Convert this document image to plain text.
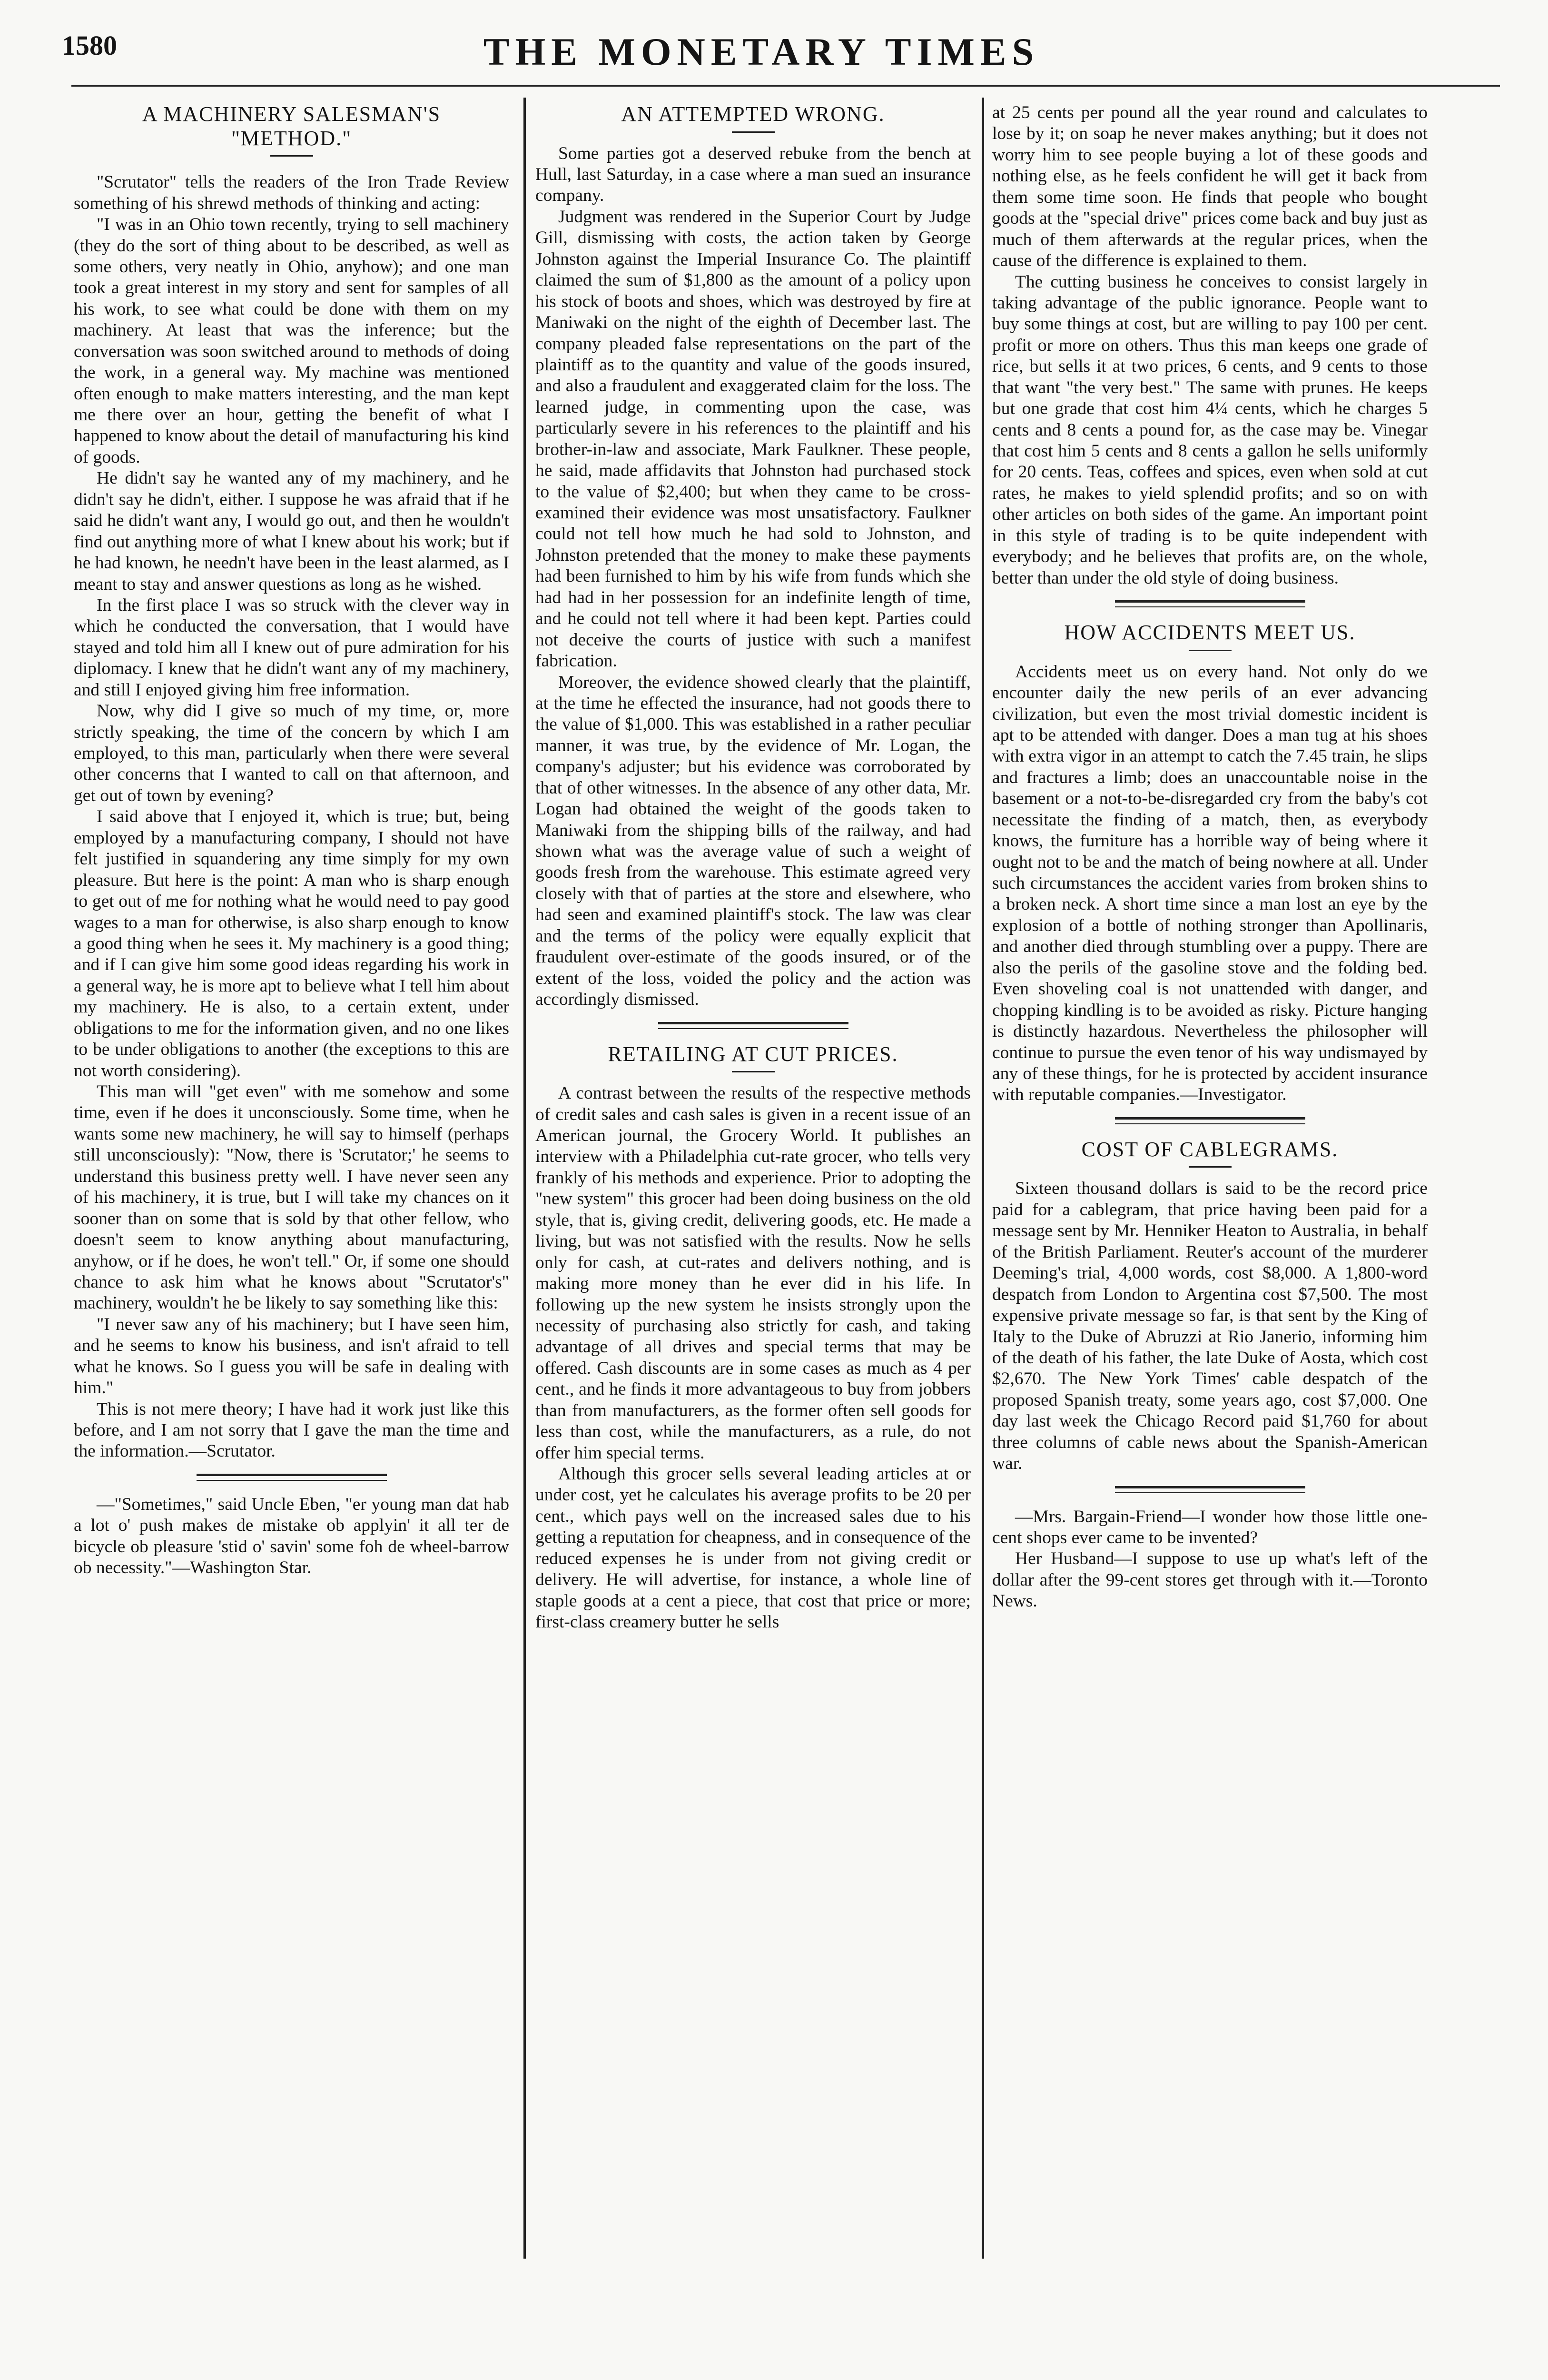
1580	THE MONETARY TIMES
A MACHINERY SALESMAN'S
"METHOD."

"Scrutator" tells the readers of the Iron Trade Review something of his shrewd methods of thinking and acting:

"I was in an Ohio town recently, trying to sell machinery (they do the sort of thing about to be described, as well as some others, very neatly in Ohio, anyhow); and one man took a great interest in my story and sent for samples of all his work, to see what could be done with them on my machinery. At least that was the inference; but the conversation was soon switched around to methods of doing the work, in a general way. My machine was mentioned often enough to make matters interesting, and the man kept me there over an hour, getting the benefit of what I happened to know about the detail of manufacturing his kind of goods.

He didn't say he wanted any of my machinery, and he didn't say he didn't, either. I suppose he was afraid that if he said he didn't want any, I would go out, and then he wouldn't find out anything more of what I knew about his work; but if he had known, he needn't have been in the least alarmed, as I meant to stay and answer questions as long as he wished.

In the first place I was so struck with the clever way in which he conducted the conversation, that I would have stayed and told him all I knew out of pure admiration for his diplomacy. I knew that he didn't want any of my machinery, and still I enjoyed giving him free information.

Now, why did I give so much of my time, or, more strictly speaking, the time of the concern by which I am employed, to this man, particularly when there were several other concerns that I wanted to call on that afternoon, and get out of town by evening?

I said above that I enjoyed it, which is true; but, being employed by a manufacturing company, I should not have felt justified in squandering any time simply for my own pleasure. But here is the point: A man who is sharp enough to get out of me for nothing what he would need to pay good wages to a man for otherwise, is also sharp enough to know a good thing when he sees it. My machinery is a good thing; and if I can give him some good ideas regarding his work in a general way, he is more apt to believe what I tell him about my machinery. He is also, to a certain extent, under obligations to me for the information given, and no one likes to be under obligations to another (the exceptions to this are not worth considering).

This man will "get even" with me somehow and some time, even if he does it unconsciously. Some time, when he wants some new machinery, he will say to himself (perhaps still unconsciously): "Now, there is 'Scrutator;' he seems to understand this business pretty well. I have never seen any of his machinery, it is true, but I will take my chances on it sooner than on some that is sold by that other fellow, who doesn't seem to know anything about manufacturing, anyhow, or if he does, he won't tell." Or, if some one should chance to ask him what he knows about "Scrutator's" machinery, wouldn't he be likely to say something like this:

"I never saw any of his machinery; but I have seen him, and he seems to know his business, and isn't afraid to tell what he knows. So I guess you will be safe in dealing with him."

This is not mere theory; I have had it work just like this before, and I am not sorry that I gave the man the time and the information.—Scrutator.

—"Sometimes," said Uncle Eben, "er young man dat hab a lot o' push makes de mistake ob applyin' it all ter de bicycle ob pleasure 'stid o' savin' some foh de wheel-barrow ob necessity."—Washington Star.

AN ATTEMPTED WRONG.

Some parties got a deserved rebuke from the bench at Hull, last Saturday, in a case where a man sued an insurance company.

Judgment was rendered in the Superior Court by Judge Gill, dismissing with costs, the action taken by George Johnston against the Imperial Insurance Co. The plaintiff claimed the sum of $1,800 as the amount of a policy upon his stock of boots and shoes, which was destroyed by fire at Maniwaki on the night of the eighth of December last. The company pleaded false representations on the part of the plaintiff as to the quantity and value of the goods insured, and also a fraudulent and exaggerated claim for the loss. The learned judge, in commenting upon the case, was particularly severe in his references to the plaintiff and his brother-in-law and associate, Mark Faulkner. These people, he said, made affidavits that Johnston had purchased stock to the value of $2,400; but when they came to be cross-examined their evidence was most unsatisfactory. Faulkner could not tell how much he had sold to Johnston, and Johnston pretended that the money to make these payments had been furnished to him by his wife from funds which she had had in her possession for an indefinite length of time, and he could not tell where it had been kept. Parties could not deceive the courts of justice with such a manifest fabrication.

Moreover, the evidence showed clearly that the plaintiff, at the time he effected the insurance, had not goods there to the value of $1,000. This was established in a rather peculiar manner, it was true, by the evidence of Mr. Logan, the company's adjuster; but his evidence was corroborated by that of other witnesses. In the absence of any other data, Mr. Logan had obtained the weight of the goods taken to Maniwaki from the shipping bills of the railway, and had shown what was the average value of such a weight of goods fresh from the warehouse. This estimate agreed very closely with that of parties at the store and elsewhere, who had seen and examined plaintiff's stock. The law was clear and the terms of the policy were equally explicit that fraudulent over-estimate of the goods insured, or of the extent of the loss, voided the policy and the action was accordingly dismissed.

RETAILING AT CUT PRICES.

A contrast between the results of the respective methods of credit sales and cash sales is given in a recent issue of an American journal, the Grocery World. It publishes an interview with a Philadelphia cut-rate grocer, who tells very frankly of his methods and experience. Prior to adopting the "new system" this grocer had been doing business on the old style, that is, giving credit, delivering goods, etc. He made a living, but was not satisfied with the results. Now he sells only for cash, at cut-rates and delivers nothing, and is making more money than he ever did in his life. In following up the new system he insists strongly upon the necessity of purchasing also strictly for cash, and taking advantage of all drives and special terms that may be offered. Cash discounts are in some cases as much as 4 per cent., and he finds it more advantageous to buy from jobbers than from manufacturers, as the former often sell goods for less than cost, while the manufacturers, as a rule, do not offer him special terms.

Although this grocer sells several leading articles at or under cost, yet he calculates his average profits to be 20 per cent., which pays well on the increased sales due to his getting a reputation for cheapness, and in consequence of the reduced expenses he is under from not giving credit or delivery. He will advertise, for instance, a whole line of staple goods at a cent a piece, that cost that price or more; first-class creamery butter he sells

at 25 cents per pound all the year round and calculates to lose by it; on soap he never makes anything; but it does not worry him to see people buying a lot of these goods and nothing else, as he feels confident he will get it back from them some time soon. He finds that people who bought goods at the "special drive" prices come back and buy just as much of them afterwards at the regular prices, when the cause of the difference is explained to them.

The cutting business he conceives to consist largely in taking advantage of the public ignorance. People want to buy some things at cost, but are willing to pay 100 per cent. profit or more on others. Thus this man keeps one grade of rice, but sells it at two prices, 6 cents, and 9 cents to those that want "the very best." The same with prunes. He keeps but one grade that cost him 4¼ cents, which he charges 5 cents and 8 cents a pound for, as the case may be. Vinegar that cost him 5 cents and 8 cents a gallon he sells uniformly for 20 cents. Teas, coffees and spices, even when sold at cut rates, he makes to yield splendid profits; and so on with other articles on both sides of the game. An important point in this style of trading is to be quite independent with everybody; and he believes that profits are, on the whole, better than under the old style of doing business.

HOW ACCIDENTS MEET US.

Accidents meet us on every hand. Not only do we encounter daily the new perils of an ever advancing civilization, but even the most trivial domestic incident is apt to be attended with danger. Does a man tug at his shoes with extra vigor in an attempt to catch the 7.45 train, he slips and fractures a limb; does an unaccountable noise in the basement or a not-to-be-disregarded cry from the baby's cot necessitate the finding of a match, then, as everybody knows, the furniture has a horrible way of being where it ought not to be and the match of being nowhere at all. Under such circumstances the accident varies from broken shins to a broken neck. A short time since a man lost an eye by the explosion of a bottle of nothing stronger than Apollinaris, and another died through stumbling over a puppy. There are also the perils of the gasoline stove and the folding bed. Even shoveling coal is not unattended with danger, and chopping kindling is to be avoided as risky. Picture hanging is distinctly hazardous. Nevertheless the philosopher will continue to pursue the even tenor of his way undismayed by any of these things, for he is protected by accident insurance with reputable companies.—Investigator.

COST OF CABLEGRAMS.

Sixteen thousand dollars is said to be the record price paid for a cablegram, that price having been paid for a message sent by Mr. Henniker Heaton to Australia, in behalf of the British Parliament. Reuter's account of the murderer Deeming's trial, 4,000 words, cost $8,000. A 1,800-word despatch from London to Argentina cost $7,500. The most expensive private message so far, is that sent by the King of Italy to the Duke of Abruzzi at Rio Janerio, informing him of the death of his father, the late Duke of Aosta, which cost $2,670. The New York Times' cable despatch of the proposed Spanish treaty, some years ago, cost $7,000. One day last week the Chicago Record paid $1,760 for about three columns of cable news about the Spanish-American war.

—Mrs. Bargain-Friend—I wonder how those little one-cent shops ever came to be invented?

Her Husband—I suppose to use up what's left of the dollar after the 99-cent stores get through with it.—Toronto News.
